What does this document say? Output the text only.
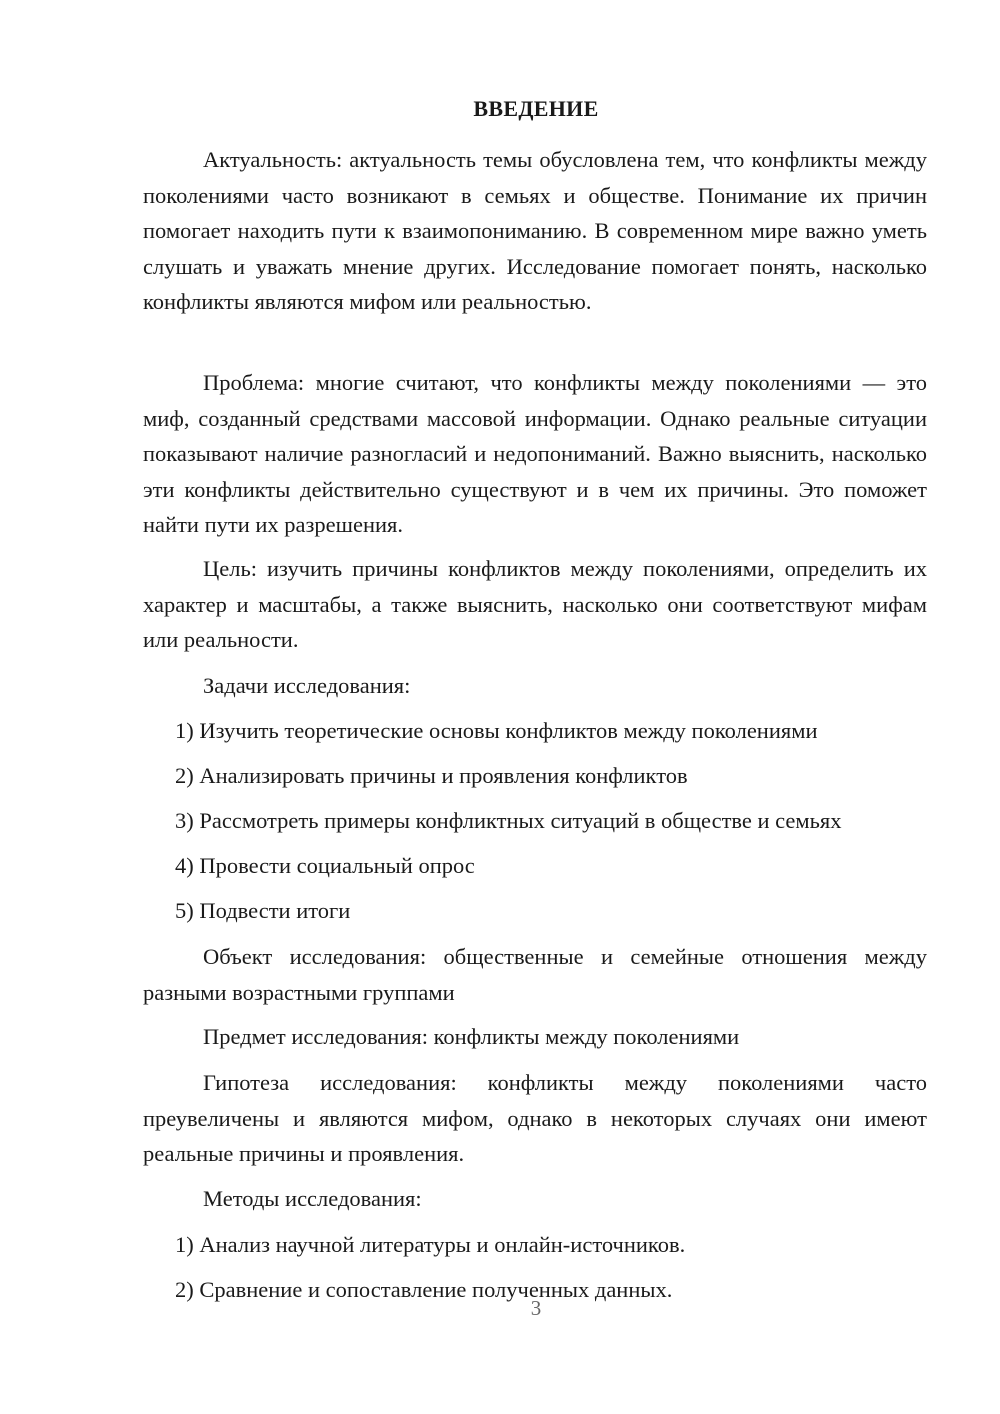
ВВЕДЕНИЕ

Актуальность: актуальность темы обусловлена тем, что конфликты между поколениями часто возникают в семьях и обществе. Понимание их причин помогает находить пути к взаимопониманию. В современном мире важно уметь слушать и уважать мнение других. Исследование помогает понять, насколько конфликты являются мифом или реальностью.

Проблема: многие считают, что конфликты между поколениями — это миф, созданный средствами массовой информации. Однако реальные ситуации показывают наличие разногласий и недопониманий. Важно выяснить, насколько эти конфликты действительно существуют и в чем их причины. Это поможет найти пути их разрешения.

Цель: изучить причины конфликтов между поколениями, определить их характер и масштабы, а также выяснить, насколько они соответствуют мифам или реальности.

Задачи исследования:
1) Изучить теоретические основы конфликтов между поколениями
2) Анализировать причины и проявления конфликтов
3) Рассмотреть примеры конфликтных ситуаций в обществе и семьях
4) Провести социальный опрос
5) Подвести итоги

Объект исследования: общественные и семейные отношения между разными возрастными группами

Предмет исследования: конфликты между поколениями

Гипотеза исследования: конфликты между поколениями часто преувеличены и являются мифом, однако в некоторых случаях они имеют реальные причины и проявления.

Методы исследования:
1) Анализ научной литературы и онлайн-источников.
2) Сравнение и сопоставление полученных данных.
3
